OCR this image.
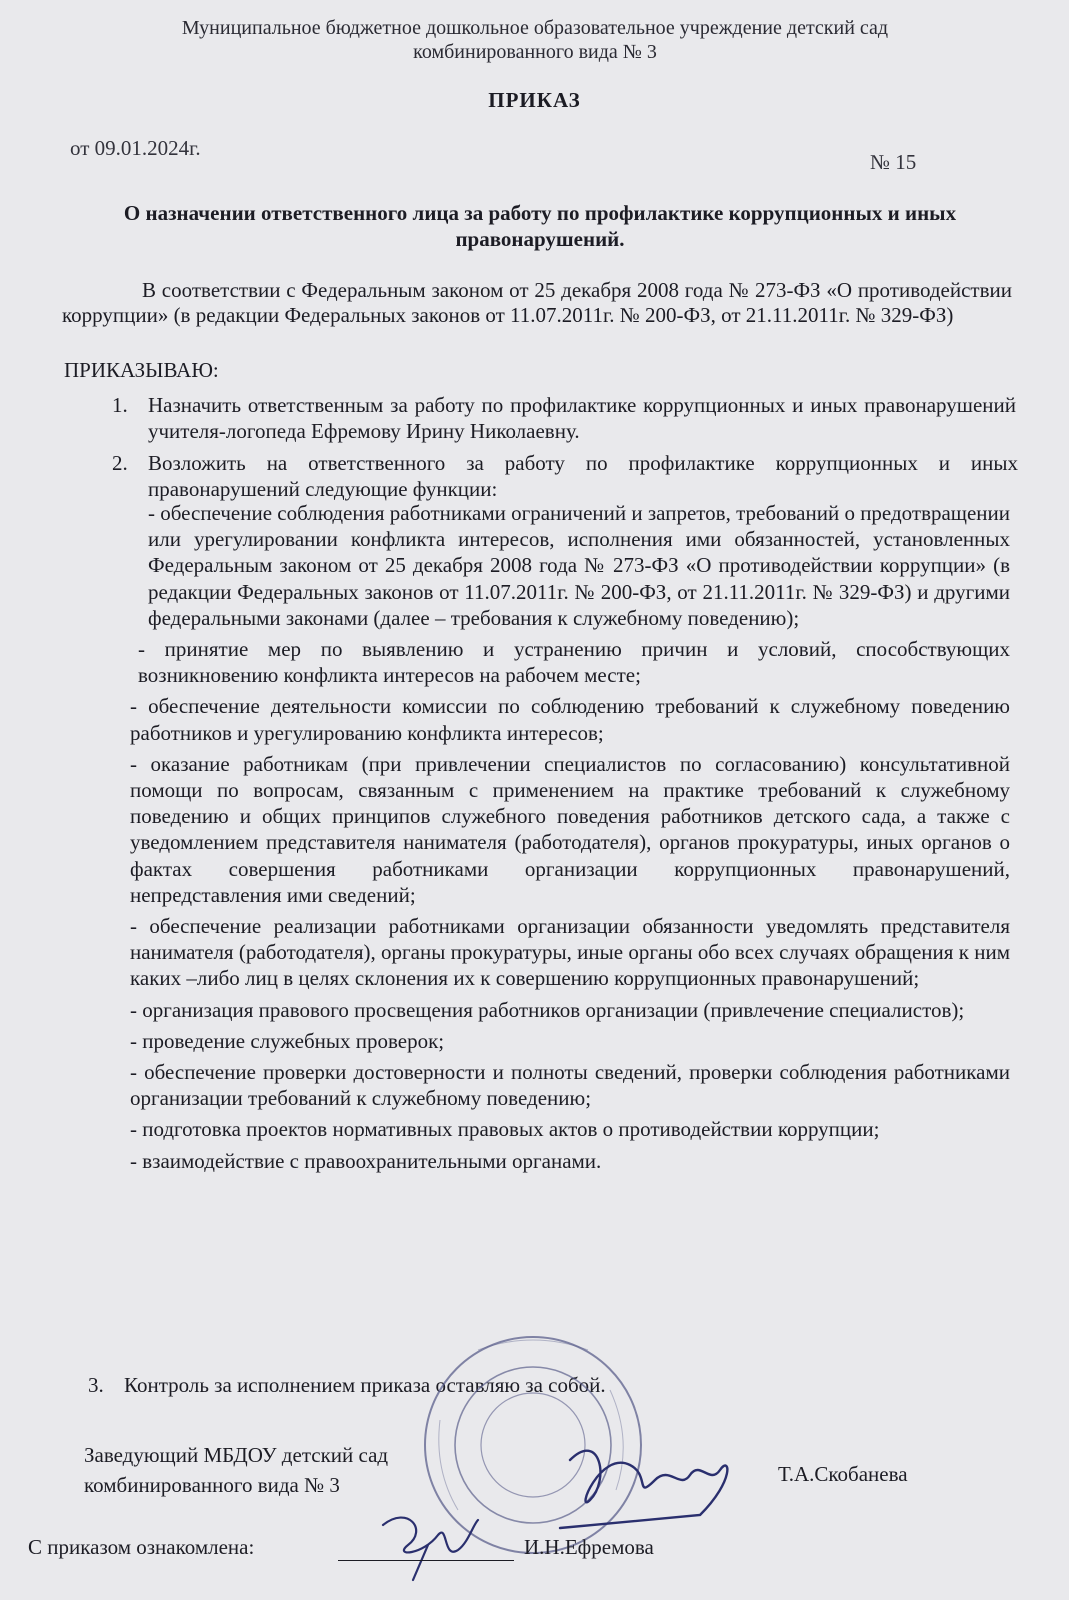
Муниципальное бюджетное дошкольное образовательное учреждение детский сад
комбинированного вида № 3
ПРИКАЗ
от 09.01.2024г.
№ 15
О назначении ответственного лица за работу по профилактике коррупционных и иных правонарушений.
В соответствии с Федеральным законом от 25 декабря 2008 года № 273-ФЗ «О противодействии коррупции» (в редакции Федеральных законов от 11.07.2011г. № 200-ФЗ, от 21.11.2011г. № 329-ФЗ)
ПРИКАЗЫВАЮ:
1. Назначить ответственным за работу по профилактике коррупционных и иных правонарушений учителя-логопеда Ефремову Ирину Николаевну.
2. Возложить на ответственного за работу по профилактике коррупционных и иных правонарушений следующие функции:
- обеспечение соблюдения работниками ограничений и запретов, требований о предотвращении или урегулировании конфликта интересов, исполнения ими обязанностей, установленных Федеральным законом от 25 декабря 2008 года № 273-ФЗ «О противодействии коррупции» (в редакции Федеральных законов от 11.07.2011г. № 200-ФЗ, от 21.11.2011г. № 329-ФЗ) и другими федеральными законами (далее – требования к служебному поведению);
- принятие мер по выявлению и устранению причин и условий, способствующих возникновению конфликта интересов на рабочем месте;
- обеспечение деятельности комиссии по соблюдению требований к служебному поведению работников и урегулированию конфликта интересов;
- оказание работникам (при привлечении специалистов по согласованию) консультативной помощи по вопросам, связанным с применением на практике требований к служебному поведению и общих принципов служебного поведения работников детского сада, а также с уведомлением представителя нанимателя (работодателя), органов прокуратуры, иных органов о фактах совершения работниками организации коррупционных правонарушений, непредставления ими сведений;
- обеспечение реализации работниками организации обязанности уведомлять представителя нанимателя (работодателя), органы прокуратуры, иные органы обо всех случаях обращения к ним каких –либо лиц в целях склонения их к совершению коррупционных правонарушений;
- организация правового просвещения работников организации (привлечение специалистов);
- проведение служебных проверок;
- обеспечение проверки достоверности и полноты сведений, проверки соблюдения работниками организации требований к служебному поведению;
- подготовка проектов нормативных правовых актов о противодействии коррупции;
- взаимодействие с правоохранительными органами.
3. Контроль за исполнением приказа оставляю за собой.
Заведующий МБДОУ детский сад
комбинированного вида № 3	Т.А.Скобанева
С приказом ознакомлена:	И.Н.Ефремова
